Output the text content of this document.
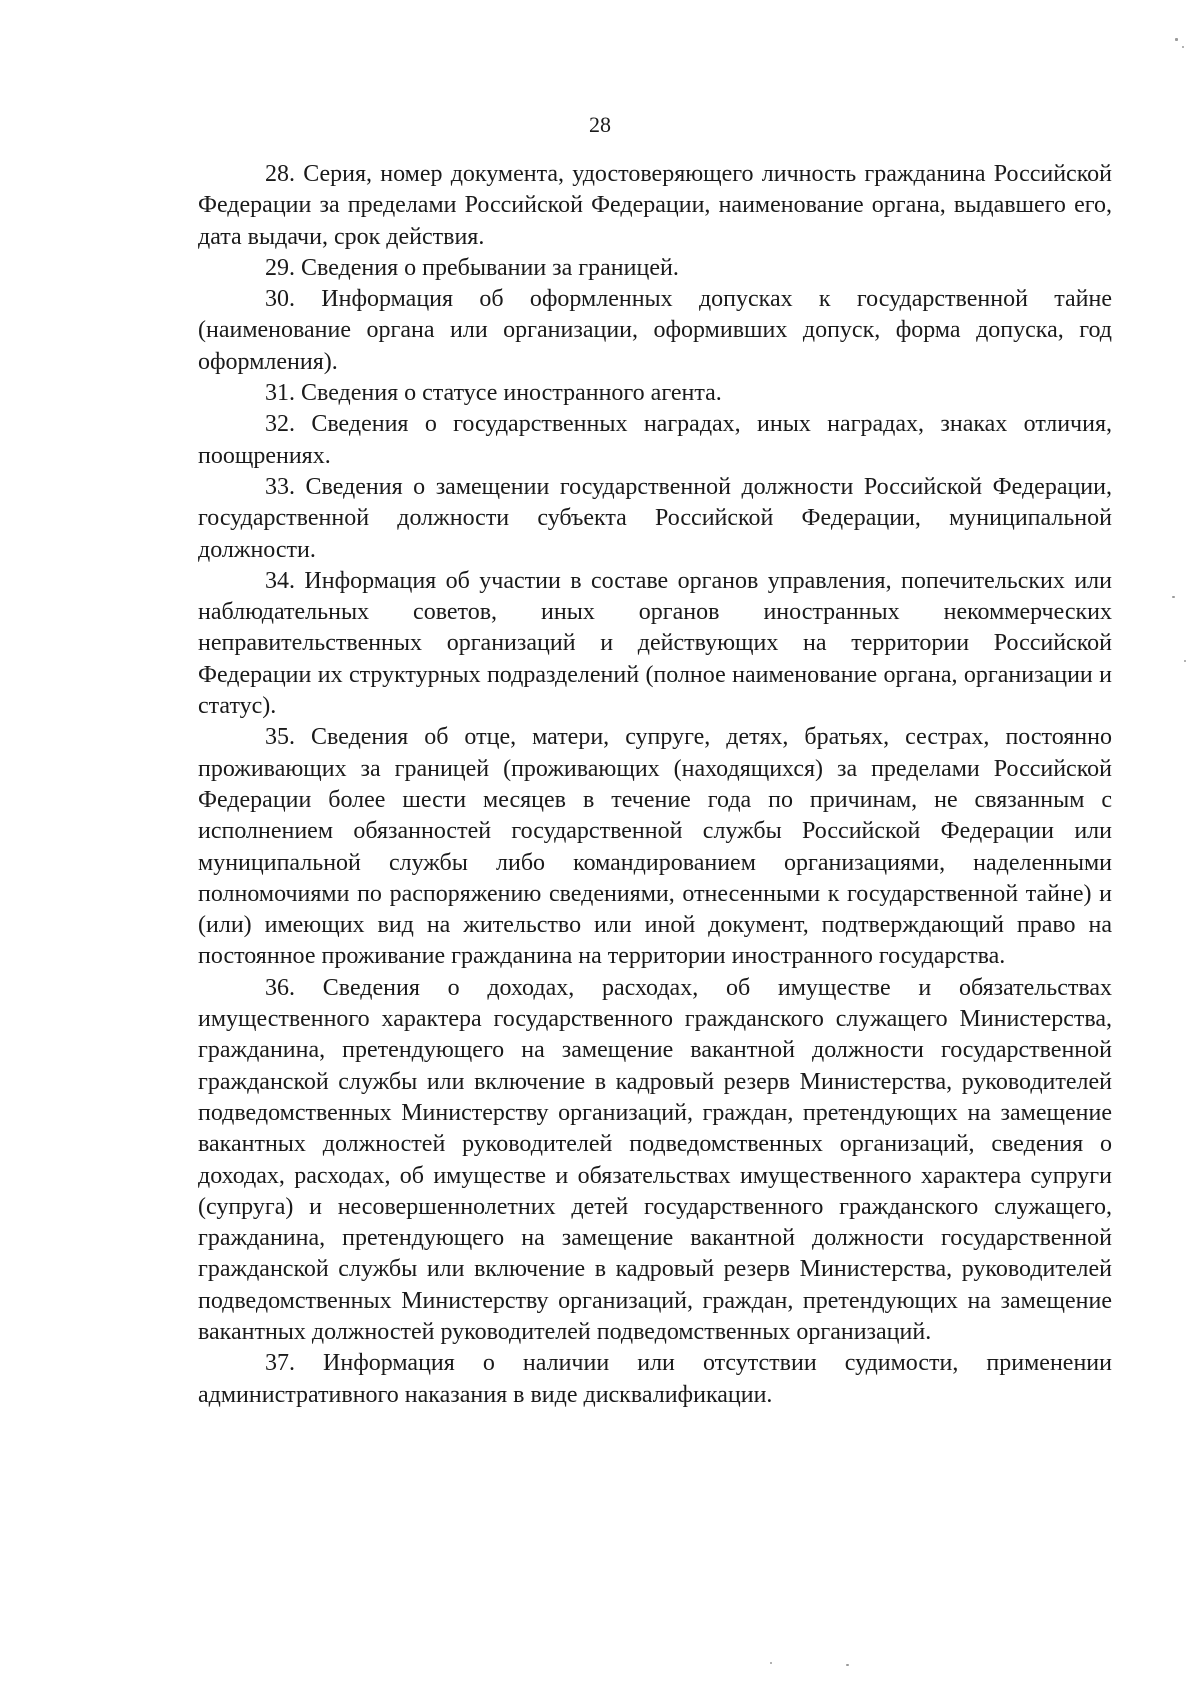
28

28. Серия, номер документа, удостоверяющего личность гражданина Российской Федерации за пределами Российской Федерации, наименование органа, выдавшего его, дата выдачи, срок действия.

29. Сведения о пребывании за границей.

30. Информация об оформленных допусках к государственной тайне (наименование органа или организации, оформивших допуск, форма допуска, год оформления).

31. Сведения о статусе иностранного агента.

32. Сведения о государственных наградах, иных наградах, знаках отличия, поощрениях.

33. Сведения о замещении государственной должности Российской Федерации, государственной должности субъекта Российской Федерации, муниципальной должности.

34. Информация об участии в составе органов управления, попечительских или наблюдательных советов, иных органов иностранных некоммерческих неправительственных организаций и действующих на территории Российской Федерации их структурных подразделений (полное наименование органа, организации и статус).

35. Сведения об отце, матери, супруге, детях, братьях, сестрах, постоянно проживающих за границей (проживающих (находящихся) за пределами Российской Федерации более шести месяцев в течение года по причинам, не связанным с исполнением обязанностей государственной службы Российской Федерации или муниципальной службы либо командированием организациями, наделенными полномочиями по распоряжению сведениями, отнесенными к государственной тайне) и (или) имеющих вид на жительство или иной документ, подтверждающий право на постоянное проживание гражданина на территории иностранного государства.

36. Сведения о доходах, расходах, об имуществе и обязательствах имущественного характера государственного гражданского служащего Министерства, гражданина, претендующего на замещение вакантной должности государственной гражданской службы или включение в кадровый резерв Министерства, руководителей подведомственных Министерству организаций, граждан, претендующих на замещение вакантных должностей руководителей подведомственных организаций, сведения о доходах, расходах, об имуществе и обязательствах имущественного характера супруги (супруга) и несовершеннолетних детей государственного гражданского служащего, гражданина, претендующего на замещение вакантной должности государственной гражданской службы или включение в кадровый резерв Министерства, руководителей подведомственных Министерству организаций, граждан, претендующих на замещение вакантных должностей руководителей подведомственных организаций.

37. Информация о наличии или отсутствии судимости, применении административного наказания в виде дисквалификации.
